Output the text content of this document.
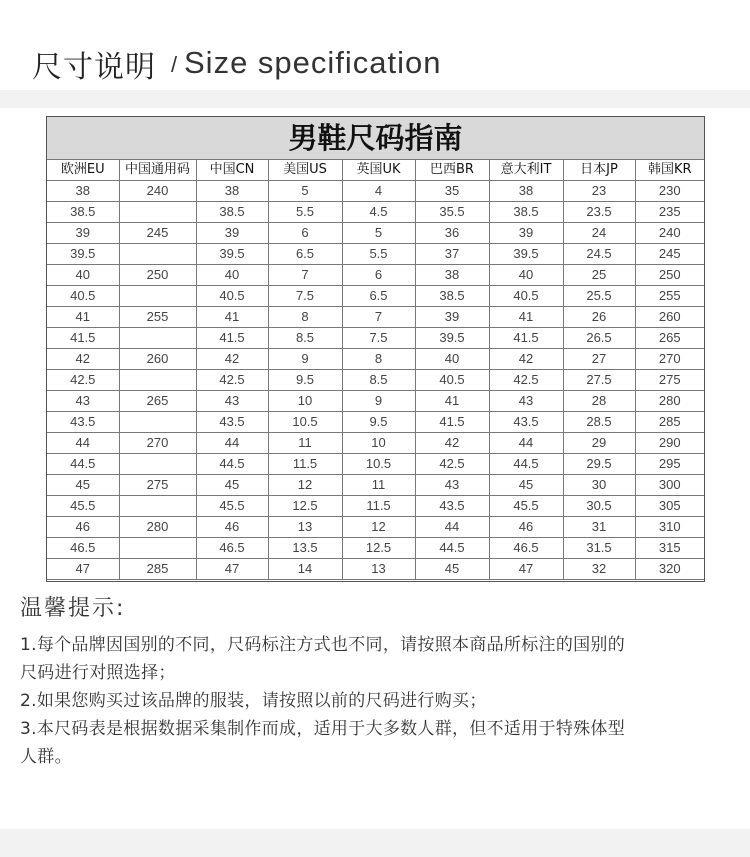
尺寸说明 / Size specification
男鞋尺码指南
欧洲EU	中国通用码	中国CN	美国US	英国UK	巴西BR	意大利IT	日本JP	韩国KR
38	240	38	5	4	35	38	23	230
38.5		38.5	5.5	4.5	35.5	38.5	23.5	235
39	245	39	6	5	36	39	24	240
39.5		39.5	6.5	5.5	37	39.5	24.5	245
40	250	40	7	6	38	40	25	250
40.5		40.5	7.5	6.5	38.5	40.5	25.5	255
41	255	41	8	7	39	41	26	260
41.5		41.5	8.5	7.5	39.5	41.5	26.5	265
42	260	42	9	8	40	42	27	270
42.5		42.5	9.5	8.5	40.5	42.5	27.5	275
43	265	43	10	9	41	43	28	280
43.5		43.5	10.5	9.5	41.5	43.5	28.5	285
44	270	44	11	10	42	44	29	290
44.5		44.5	11.5	10.5	42.5	44.5	29.5	295
45	275	45	12	11	43	45	30	300
45.5		45.5	12.5	11.5	43.5	45.5	30.5	305
46	280	46	13	12	44	46	31	310
46.5		46.5	13.5	12.5	44.5	46.5	31.5	315
47	285	47	14	13	45	47	32	320
温馨提示:
1.每个品牌因国别的不同，尺码标注方式也不同，请按照本商品所标注的国别的
尺码进行对照选择；
2.如果您购买过该品牌的服装，请按照以前的尺码进行购买；
3.本尺码表是根据数据采集制作而成，适用于大多数人群，但不适用于特殊体型
人群。
